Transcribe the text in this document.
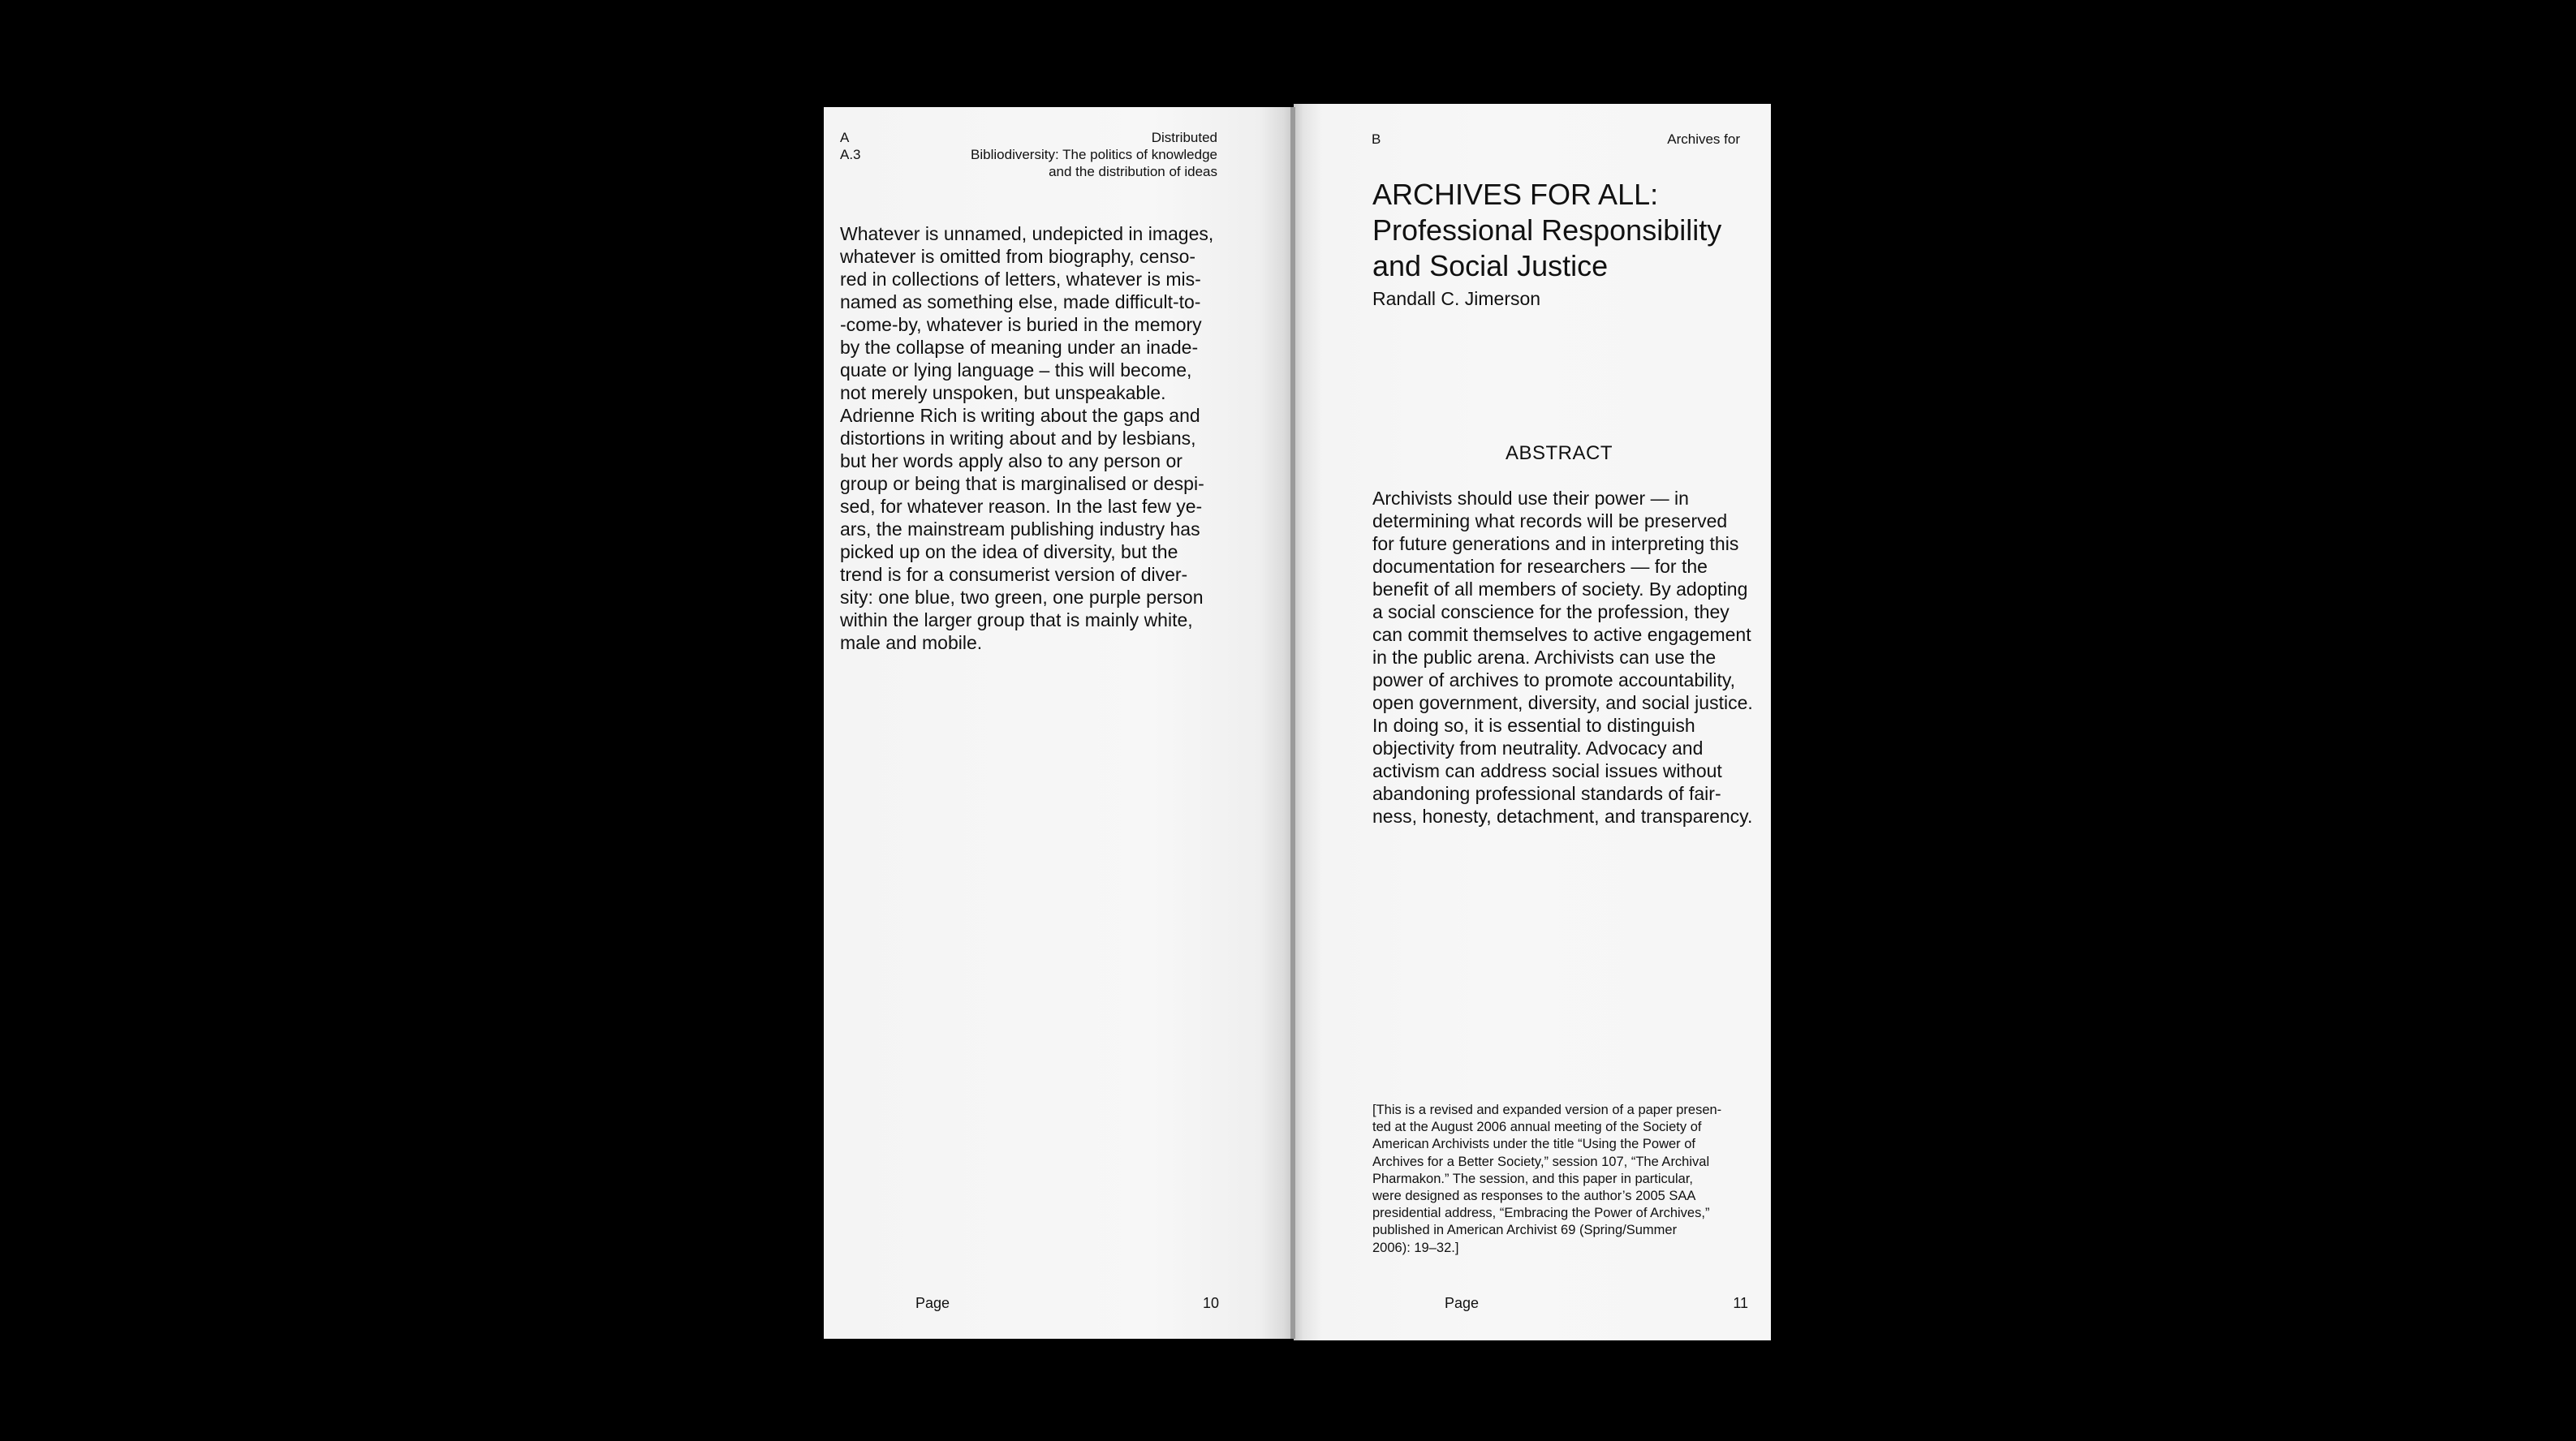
A
A.3
Distributed
Bibliodiversity: The politics of knowledge
and the distribution of ideas
Whatever is unnamed, undepicted in images,
whatever is omitted from biography, censo-
red in collections of letters, whatever is mis-
named as something else, made difficult-to-
-come-by, whatever is buried in the memory
by the collapse of meaning under an inade-
quate or lying language – this will become,
not merely unspoken, but unspeakable.
Adrienne Rich is writing about the gaps and
distortions in writing about and by lesbians,
but her words apply also to any person or
group or being that is marginalised or despi-
sed, for whatever reason. In the last few ye-
ars, the mainstream publishing industry has
picked up on the idea of diversity, but the
trend is for a consumerist version of diver-
sity: one blue, two green, one purple person
within the larger group that is mainly white,
male and mobile.
Page	10
B	Archives for
ARCHIVES FOR ALL:
Professional Responsibility
and Social Justice
Randall C. Jimerson
ABSTRACT
Archivists should use their power — in
determining what records will be preserved
for future generations and in interpreting this
documentation for researchers — for the
benefit of all members of society. By adopting
a social conscience for the profession, they
can commit themselves to active engagement
in the public arena. Archivists can use the
power of archives to promote accountability,
open government, diversity, and social justice.
In doing so, it is essential to distinguish
objectivity from neutrality. Advocacy and
activism can address social issues without
abandoning professional standards of fair-
ness, honesty, detachment, and transparency.
[This is a revised and expanded version of a paper presen-
ted at the August 2006 annual meeting of the Society of
American Archivists under the title “Using the Power of
Archives for a Better Society,” session 107, “The Archival
Pharmakon.” The session, and this paper in particular,
were designed as responses to the author’s 2005 SAA
presidential address, “Embracing the Power of Archives,”
published in American Archivist 69 (Spring/Summer
2006): 19–32.]
Page	11
